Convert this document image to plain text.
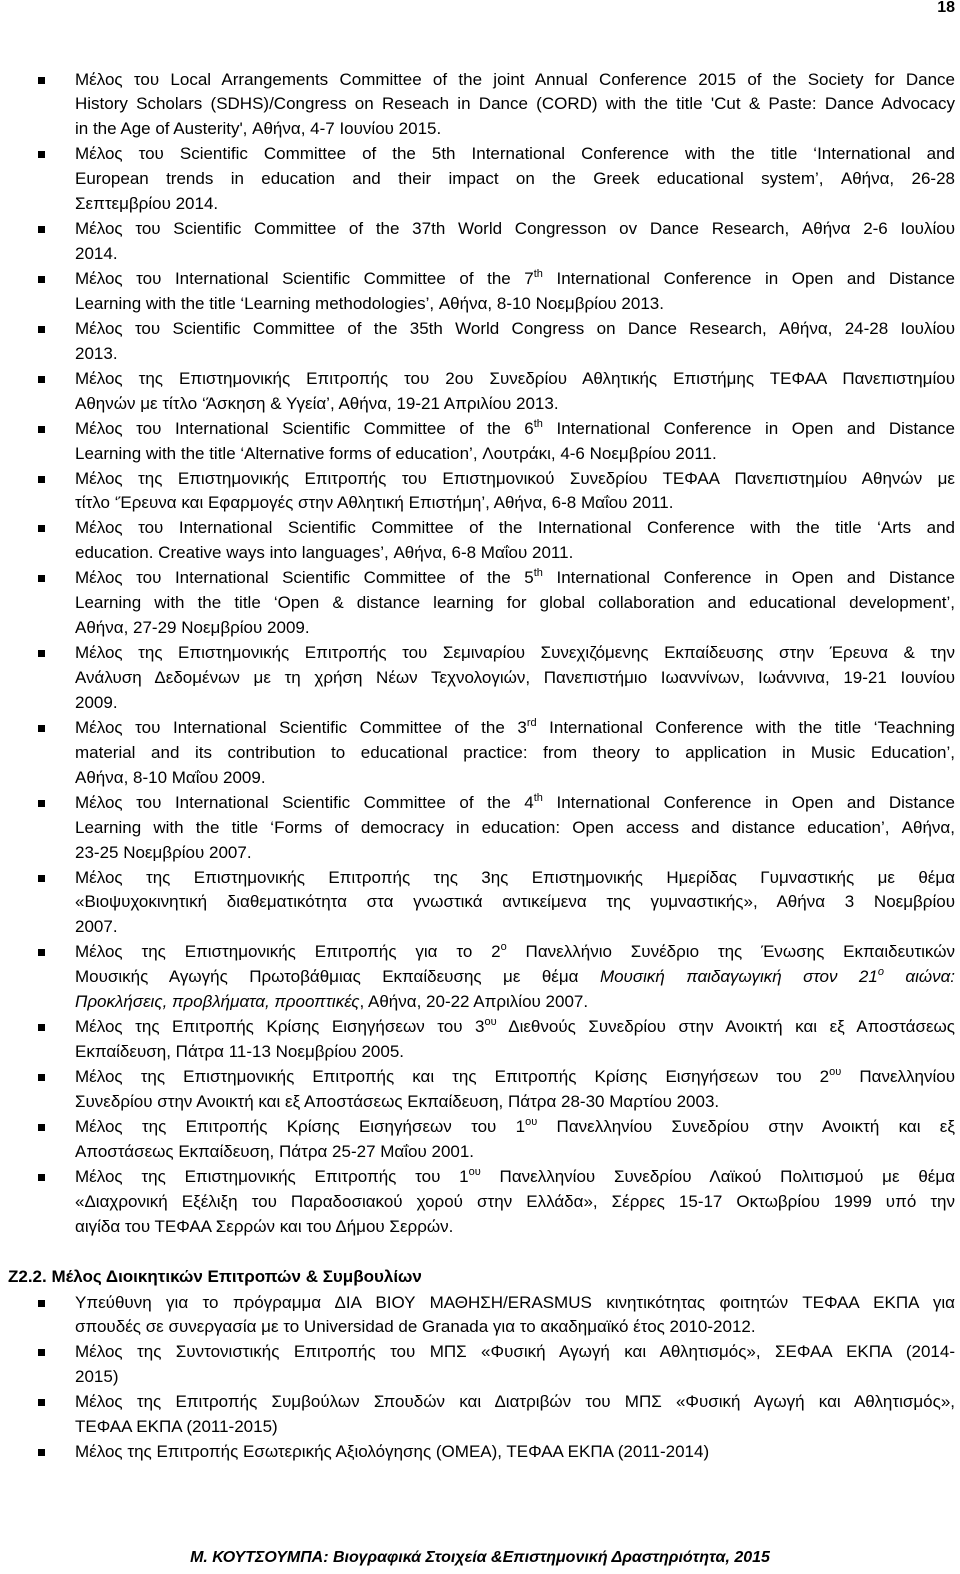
18
Μέλος του Local Arrangements Committee of the joint Annual Conference 2015 of the Society for Dance
History Scholars (SDHS)/Congress on Reseach in Dance (CORD) with the title 'Cut & Paste: Dance Advocacy
in the Age of Austerity', Αθήνα, 4-7 Ιουνίου 2015.
Μέλος του Scientific Committee of the 5th International Conference with the title ‘International and
European trends in education and their impact on the Greek educational system’, Αθήνα, 26-28
Σεπτεμβρίου 2014.
Μέλος του Scientific Committee of the 37th World Congresson ov Dance Research, Αθήνα 2-6 Ιουλίου
2014.
Μέλος του International Scientific Committee of the 7th International Conference in Open and Distance
Learning with the title ‘Learning methodologies’, Αθήνα, 8-10 Νοεμβρίου 2013.
Μέλος του Scientific Committee of the 35th World Congress on Dance Research, Αθήνα, 24-28 Ιουλίου
2013.
Μέλος της Επιστημονικής Επιτροπής του 2ου Συνεδρίου Αθλητικής Επιστήμης ΤΕΦΑΑ Πανεπιστημίου
Αθηνών με τίτλο ‘Άσκηση & Υγεία’, Αθήνα, 19-21 Απριλίου 2013.
Μέλος του International Scientific Committee of the 6th International Conference in Open and Distance
Learning with the title ‘Alternative forms of education’, Λουτράκι, 4-6 Νοεμβρίου 2011.
Μέλος της Επιστημονικής Επιτροπής του Επιστημονικού Συνεδρίου ΤΕΦΑΑ Πανεπιστημίου Αθηνών με
τίτλο ‘Έρευνα και Εφαρμογές στην Αθλητική Επιστήμη’, Αθήνα, 6-8 Μαΐου 2011.
Μέλος του International Scientific Committee of the International Conference with the title ‘Arts and
education. Creative ways into languages’, Αθήνα, 6-8 Μαΐου 2011.
Μέλος του International Scientific Committee of the 5th International Conference in Open and Distance
Learning with the title ‘Open & distance learning for global collaboration and educational development’,
Αθήνα, 27-29 Νοεμβρίου 2009.
Μέλος της Επιστημονικής Επιτροπής του Σεμιναρίου Συνεχιζόμενης Εκπαίδευσης στην Έρευνα & την
Ανάλυση Δεδομένων με τη χρήση Νέων Τεχνολογιών, Πανεπιστήμιο Ιωαννίνων, Ιωάννινα, 19-21 Ιουνίου
2009.
Μέλος του International Scientific Committee of the 3rd International Conference with the title ‘Teachning
material and its contribution to educational practice: from theory to application in Music Education’,
Αθήνα, 8-10 Μαΐου 2009.
Μέλος του International Scientific Committee of the 4th International Conference in Open and Distance
Learning with the title ‘Forms of democracy in education: Open access and distance education’, Αθήνα,
23-25 Νοεμβρίου 2007.
Μέλος της Επιστημονικής Επιτροπής της 3ης Επιστημονικής Ημερίδας Γυμναστικής με θέμα
«Βιοψυχοκινητική διαθεματικότητα στα γνωστικά αντικείμενα της γυμναστικής», Αθήνα 3 Νοεμβρίου
2007.
Μέλος της Επιστημονικής Επιτροπής για το $2^o$ Πανελλήνιο Συνέδριο της Ένωσης Εκπαιδευτικών
Μουσικής Αγωγής Πρωτοβάθμιας Εκπαίδευσης με θέμα Μουσική παιδαγωγική στον $21^o$ αιώνα:
Προκλήσεις, προβλήματα, προοπτικές, Αθήνα, 20-22 Απριλίου 2007.
Μέλος της Επιτροπής Κρίσης Εισηγήσεων του $3^{o\upsilon}$ Διεθνούς Συνεδρίου στην Ανοικτή και εξ Αποστάσεως
Εκπαίδευση, Πάτρα 11-13 Νοεμβρίου 2005.
Μέλος της Επιστημονικής Επιτροπής και της Επιτροπής Κρίσης Εισηγήσεων του $2^{o\upsilon}$ Πανελληνίου
Συνεδρίου στην Ανοικτή και εξ Αποστάσεως Εκπαίδευση, Πάτρα 28-30 Μαρτίου 2003.
Μέλος της Επιτροπής Κρίσης Εισηγήσεων του $1^{o\upsilon}$ Πανελληνίου Συνεδρίου στην Ανοικτή και εξ
Αποστάσεως Εκπαίδευση, Πάτρα 25-27 Μαΐου 2001.
Μέλος της Επιστημονικής Επιτροπής του $1^{o\upsilon}$ Πανελληνίου Συνεδρίου Λαϊκού Πολιτισμού με θέμα
«Διαχρονική Εξέλιξη του Παραδοσιακού χορού στην Ελλάδα», Σέρρες 15-17 Οκτωβρίου 1999 υπό την
αιγίδα του ΤΕΦΑΑ Σερρών και του Δήμου Σερρών.
Ζ2.2. Μέλος Διοικητικών Επιτροπών & Συμβουλίων
Υπεύθυνη για το πρόγραμμα ΔΙΑ ΒΙΟΥ ΜΑΘΗΣΗ/ERASMUS κινητικότητας φοιτητών ΤΕΦΑΑ ΕΚΠΑ για
σπουδές σε συνεργασία με το Universidad de Granada για το ακαδημαϊκό έτος 2010-2012.
Μέλος της Συντονιστικής Επιτροπής του ΜΠΣ «Φυσική Αγωγή και Αθλητισμός», ΣΕΦΑΑ ΕΚΠΑ (2014-
2015)
Μέλος της Επιτροπής Συμβούλων Σπουδών και Διατριβών του ΜΠΣ «Φυσική Αγωγή και Αθλητισμός»,
ΤΕΦΑΑ ΕΚΠΑ (2011-2015)
Μέλος της Επιτροπής Εσωτερικής Αξιολόγησης (ΟΜΕΑ), ΤΕΦΑΑ ΕΚΠΑ (2011-2014)
Μ. ΚΟΥΤΣΟΥΜΠΑ: Βιογραφικά Στοιχεία &Επιστημονική Δραστηριότητα, 2015
